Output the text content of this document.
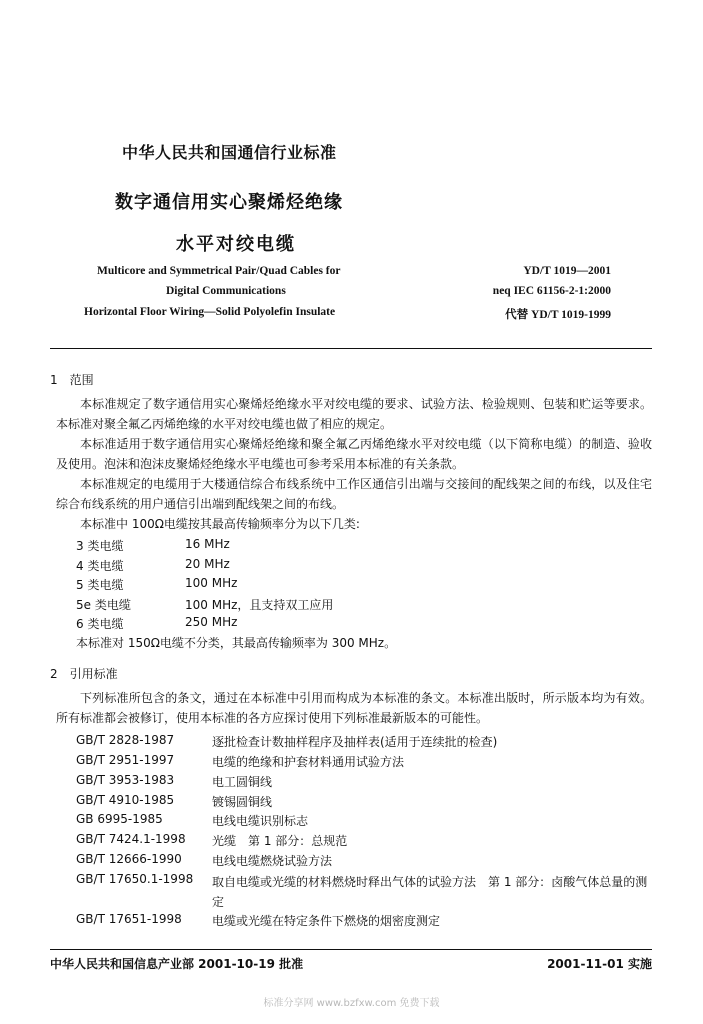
中华人民共和国通信行业标准
数字通信用实心聚烯烃绝缘
水平对绞电缆
Multicore and Symmetrical Pair/Quad Cables for
Digital Communications
Horizontal Floor Wiring—Solid Polyolefin Insulate
YD/T 1019—2001
neq IEC 61156-2-1:2000
代替 YD/T 1019-1999
1　范围
本标准规定了数字通信用实心聚烯烃绝缘水平对绞电缆的要求、试验方法、检验规则、包装和贮运等要求。本标准对聚全氟乙丙烯绝缘的水平对绞电缆也做了相应的规定。
本标准适用于数字通信用实心聚烯烃绝缘和聚全氟乙丙烯绝缘水平对绞电缆（以下简称电缆）的制造、验收及使用。泡沫和泡沫皮聚烯烃绝缘水平电缆也可参考采用本标准的有关条款。
本标准规定的电缆用于大楼通信综合布线系统中工作区通信引出端与交接间的配线架之间的布线，以及住宅综合布线系统的用户通信引出端到配线架之间的布线。
本标准中 100Ω电缆按其最高传输频率分为以下几类:
3 类电缆	16 MHz
4 类电缆	20 MHz
5 类电缆	100 MHz
5e 类电缆	100 MHz，且支持双工应用
6 类电缆	250 MHz
本标准对 150Ω电缆不分类，其最高传输频率为 300 MHz。
2　引用标准
下列标准所包含的条文，通过在本标准中引用而构成为本标准的条文。本标准出版时，所示版本均为有效。所有标准都会被修订，使用本标准的各方应探讨使用下列标准最新版本的可能性。
GB/T 2828-1987	逐批检查计数抽样程序及抽样表(适用于连续批的检查)
GB/T 2951-1997	电缆的绝缘和护套材料通用试验方法
GB/T 3953-1983	电工圆铜线
GB/T 4910-1985	镀锡圆铜线
GB 6995-1985	电线电缆识别标志
GB/T 7424.1-1998 光缆　第 1 部分：总规范
GB/T 12666-1990	电线电缆燃烧试验方法
GB/T 17650.1-1998 取自电缆或光缆的材料燃烧时释出气体的试验方法　第 1 部分：卤酸气体总量的测定
GB/T 17651-1998	电缆或光缆在特定条件下燃烧的烟密度测定
中华人民共和国信息产业部 2001-10-19 批准	2001-11-01 实施
标准分享网 www.bzfxw.com 免费下载
